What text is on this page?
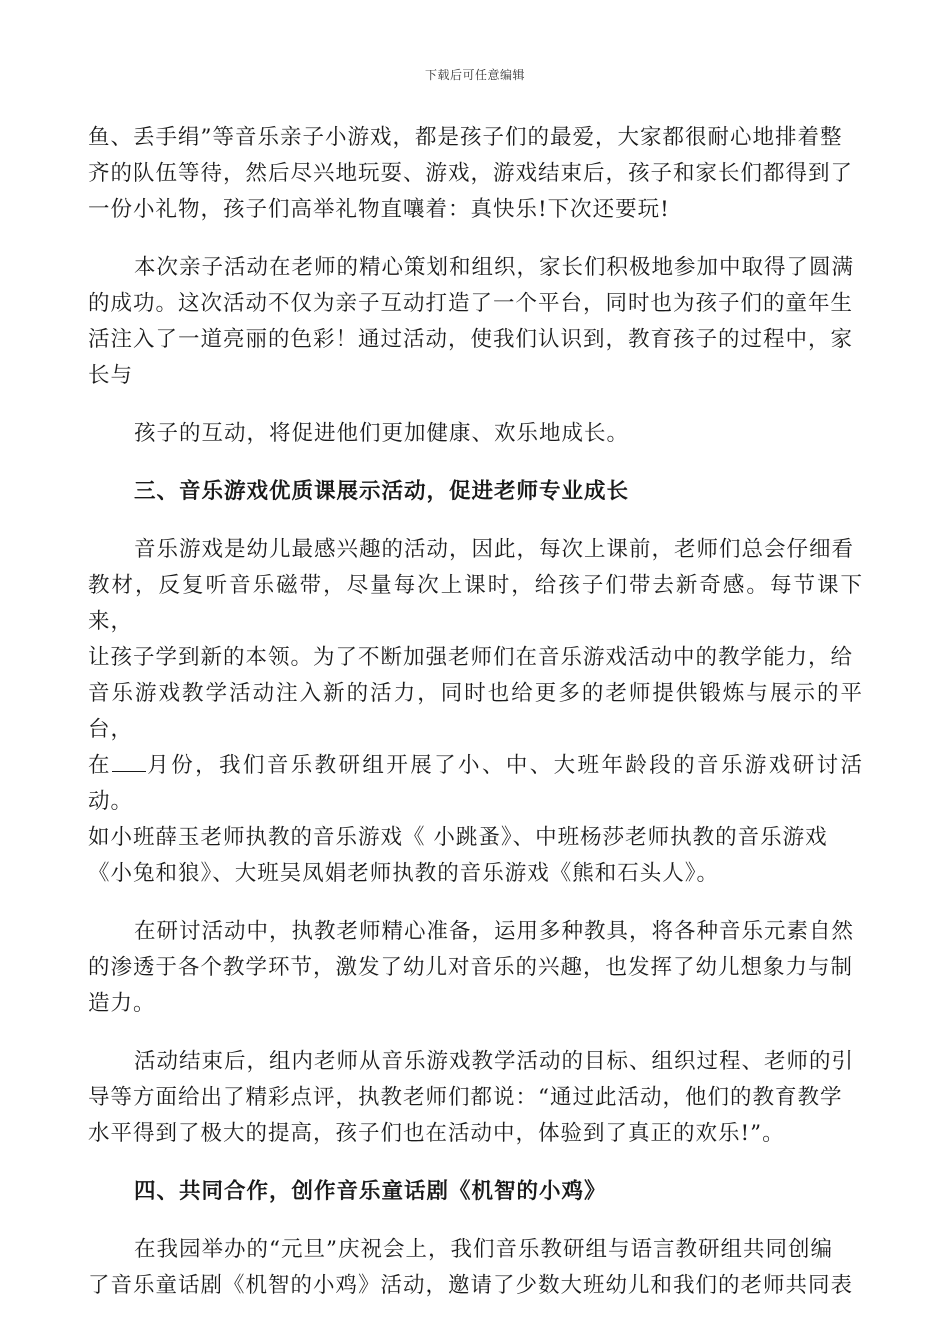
下载后可任意编辑

鱼、丢手绢”等音乐亲子小游戏，都是孩子们的最爱，大家都很耐心地排着整
齐的队伍等待，然后尽兴地玩耍、游戏，游戏结束后，孩子和家长们都得到了
一份小礼物，孩子们高举礼物直嚷着：真快乐!下次还要玩!

本次亲子活动在老师的精心策划和组织，家长们积极地参加中取得了圆满
的成功。这次活动不仅为亲子互动打造了一个平台，同时也为孩子们的童年生
活注入了一道亮丽的色彩！通过活动，使我们认识到，教育孩子的过程中，家
长与

孩子的互动，将促进他们更加健康、欢乐地成长。

三、音乐游戏优质课展示活动，促进老师专业成长

音乐游戏是幼儿最感兴趣的活动，因此，每次上课前，老师们总会仔细看
教材，反复听音乐磁带，尽量每次上课时，给孩子们带去新奇感。每节课下来，
让孩子学到新的本领。为了不断加强老师们在音乐游戏活动中的教学能力，给
音乐游戏教学活动注入新的活力，同时也给更多的老师提供锻炼与展示的平台，
在 月份，我们音乐教研组开展了小、中、大班年龄段的音乐游戏研讨活动。
如小班薛玉老师执教的音乐游戏《 小跳蚤》、中班杨莎老师执教的音乐游戏
《小兔和狼》、大班吴凤娟老师执教的音乐游戏《熊和石头人》。

在研讨活动中，执教老师精心准备，运用多种教具，将各种音乐元素自然
的渗透于各个教学环节，激发了幼儿对音乐的兴趣，也发挥了幼儿想象力与制
造力。

活动结束后，组内老师从音乐游戏教学活动的目标、组织过程、老师的引
导等方面给出了精彩点评，执教老师们都说：“通过此活动，他们的教育教学
水平得到了极大的提高，孩子们也在活动中，体验到了真正的欢乐!”。

四、共同合作，创作音乐童话剧《机智的小鸡》

在我园举办的“元旦”庆祝会上，我们音乐教研组与语言教研组共同创编
了音乐童话剧《机智的小鸡》活动，邀请了少数大班幼儿和我们的老师共同表
